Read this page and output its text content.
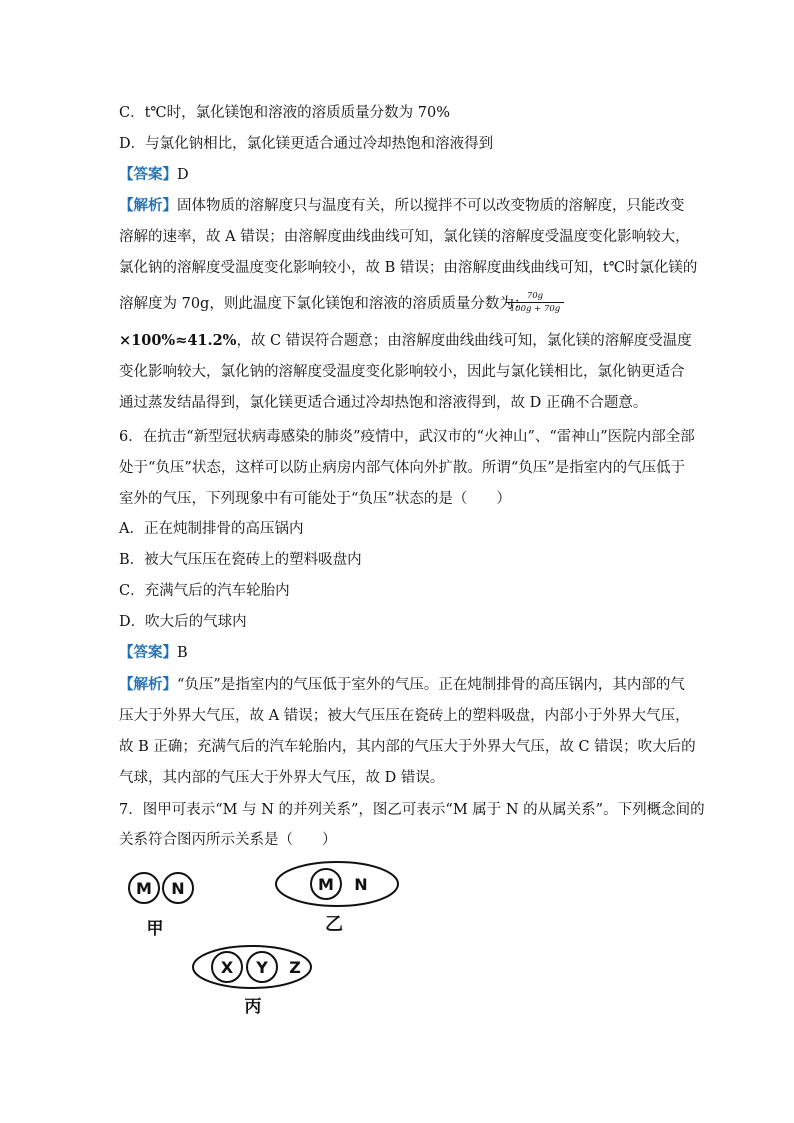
C．t℃时，氯化镁饱和溶液的溶质质量分数为 70%
D．与氯化钠相比，氯化镁更适合通过冷却热饱和溶液得到
【答案】D
【解析】固体物质的溶解度只与温度有关，所以搅拌不可以改变物质的溶解度，只能改变
溶解的速率，故 A 错误；由溶解度曲线曲线可知，氯化镁的溶解度受温度变化影响较大，
氯化钠的溶解度受温度变化影响较小，故 B 错误；由溶解度曲线曲线可知，t℃时氯化镁的
溶解度为 70g，则此温度下氯化镁饱和溶液的溶质质量分数为：
70g
100g + 70g
×100%≈41.2%，故 C 错误符合题意；由溶解度曲线曲线可知，氯化镁的溶解度受温度
变化影响较大，氯化钠的溶解度受温度变化影响较小，因此与氯化镁相比，氯化钠更适合
通过蒸发结晶得到，氯化镁更适合通过冷却热饱和溶液得到，故 D 正确不合题意。
6．在抗击“新型冠状病毒感染的肺炎”疫情中，武汉市的“火神山”、“雷神山”医院内部全部
处于“负压”状态，这样可以防止病房内部气体向外扩散。所谓“负压”是指室内的气压低于
室外的气压，下列现象中有可能处于“负压”状态的是（　　）
A．正在炖制排骨的高压锅内
B．被大气压压在瓷砖上的塑料吸盘内
C．充满气后的汽车轮胎内
D．吹大后的气球内
【答案】B
【解析】“负压”是指室内的气压低于室外的气压。正在炖制排骨的高压锅内，其内部的气
压大于外界大气压，故 A 错误；被大气压压在瓷砖上的塑料吸盘，内部小于外界大气压，
故 B 正确；充满气后的汽车轮胎内，其内部的气压大于外界大气压，故 C 错误；吹大后的
气球，其内部的气压大于外界大气压，故 D 错误。
7．图甲可表示“M 与 N 的并列关系”，图乙可表示“M 属于 N 的从属关系”。下列概念间的
关系符合图丙所示关系是（　　）
M N
甲
M N
乙
X Y Z
丙
